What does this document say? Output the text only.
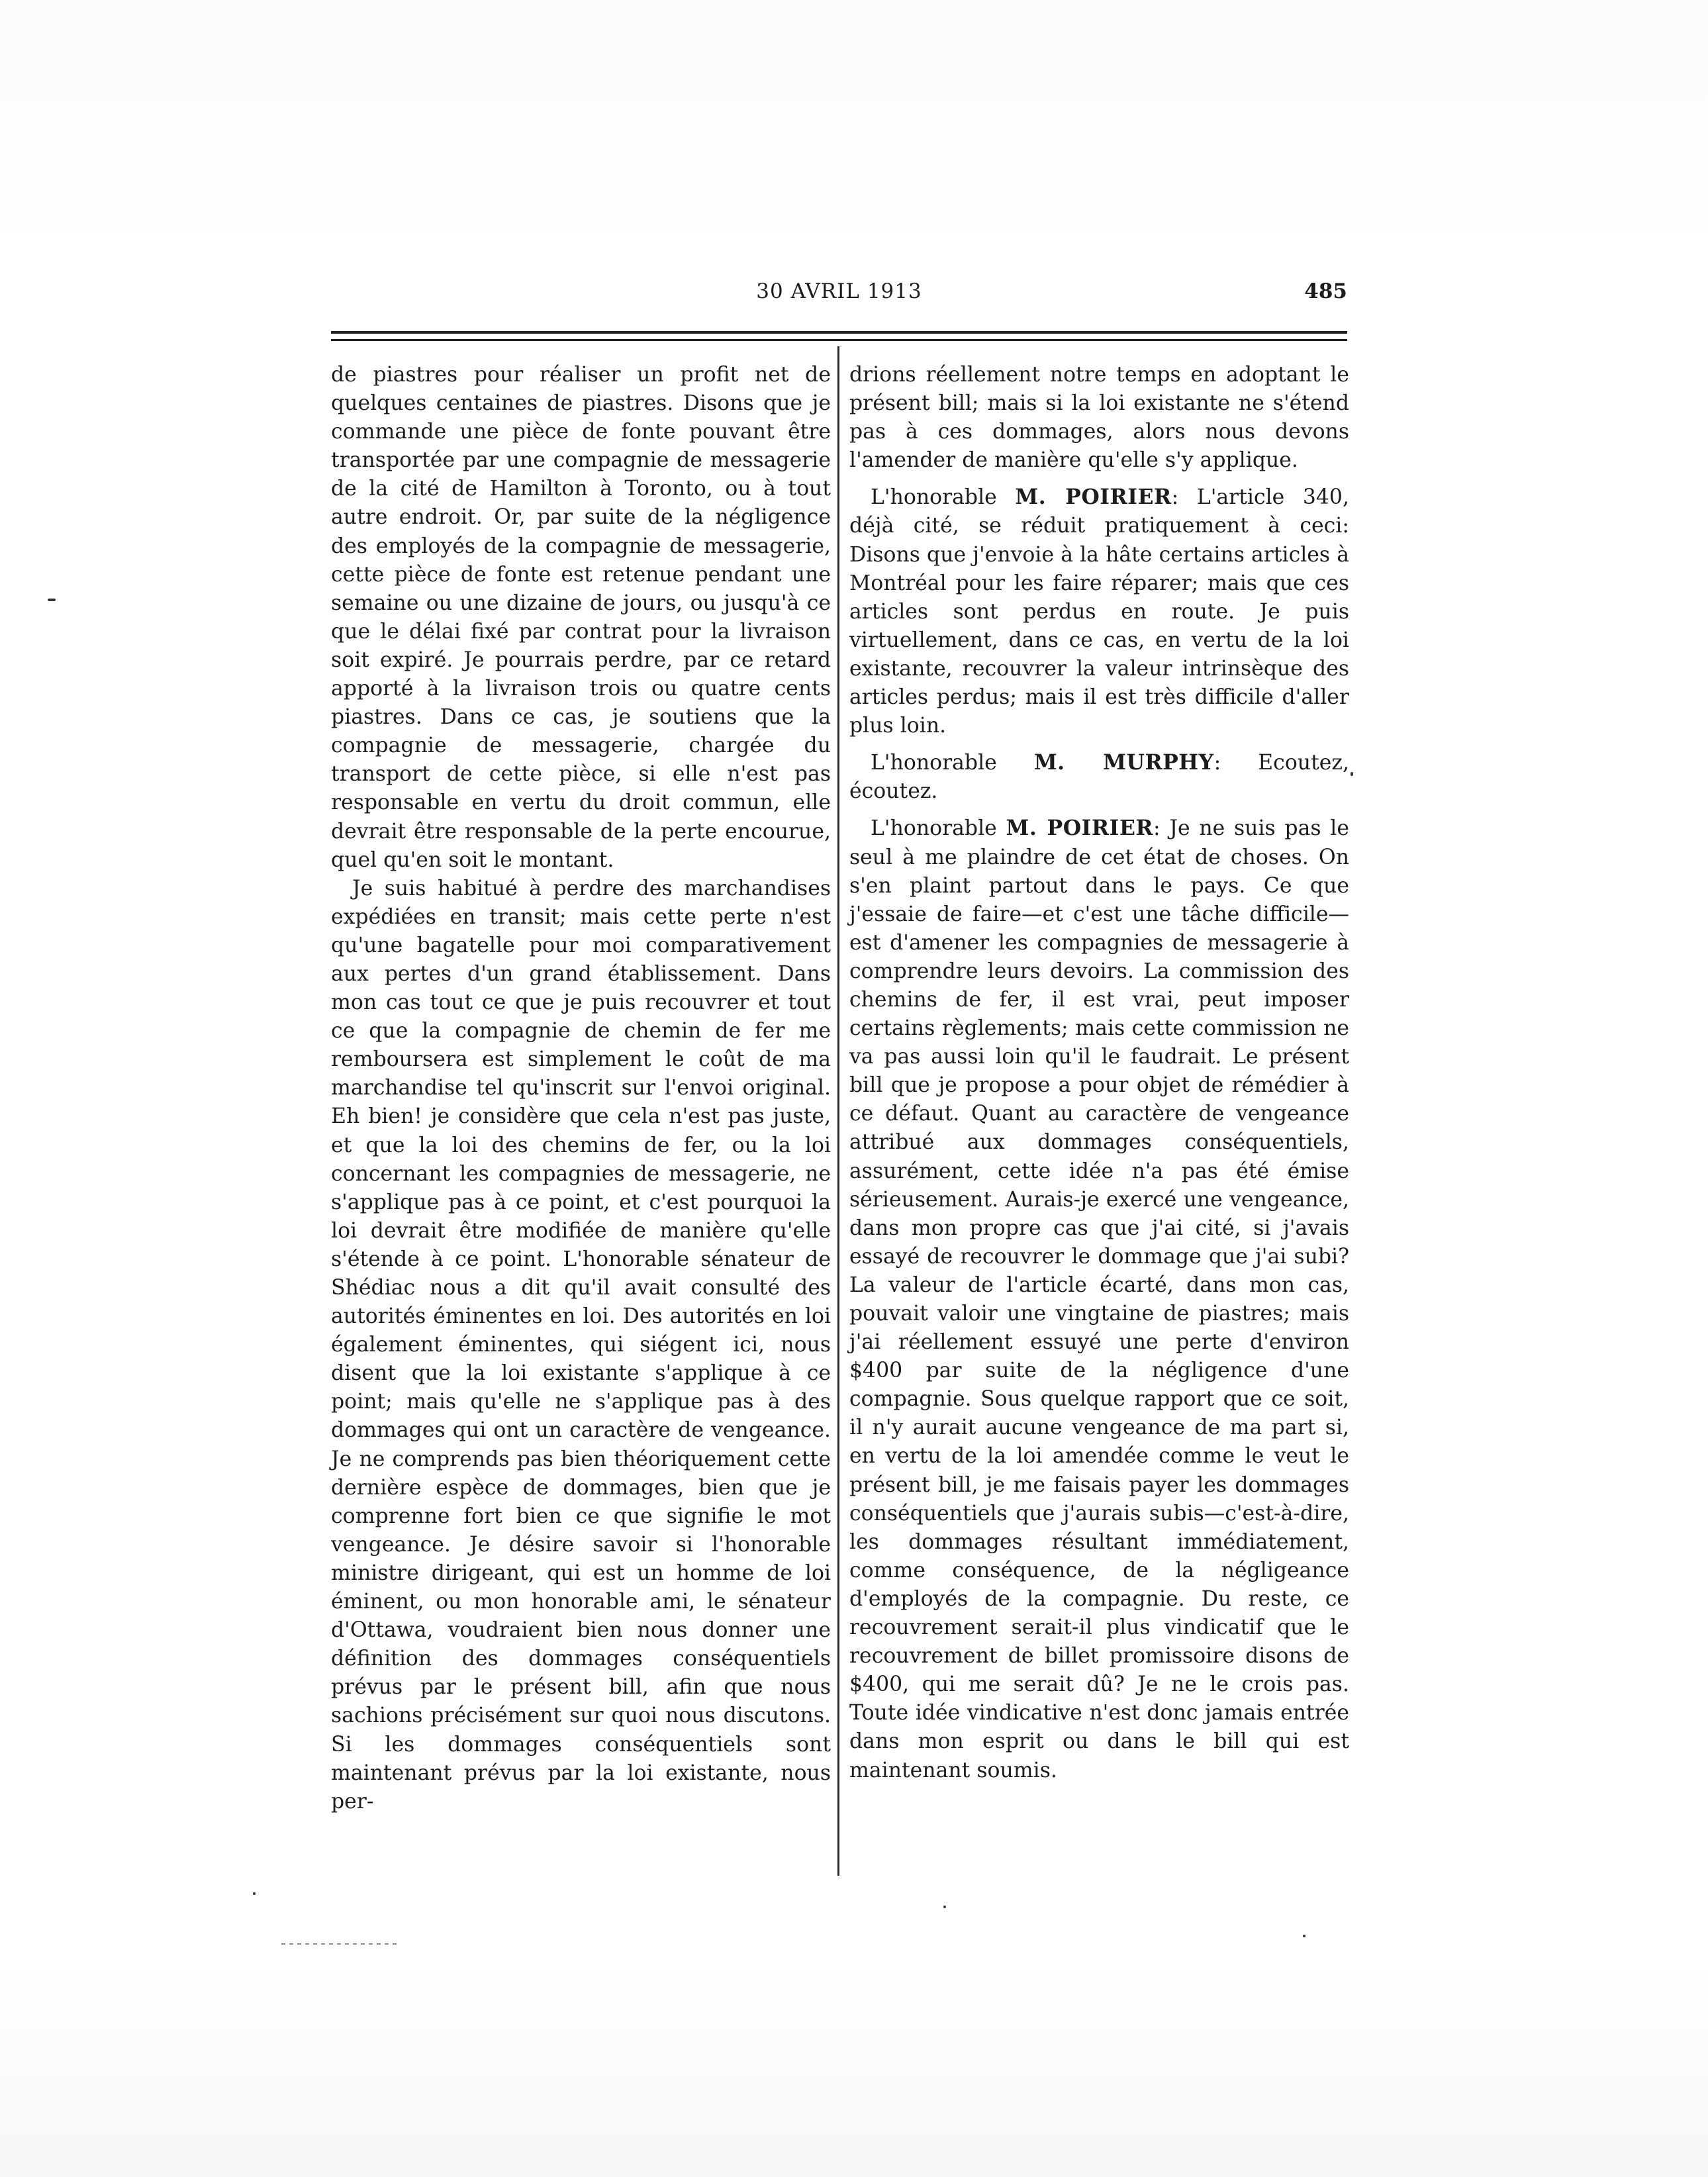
30 AVRIL 1913	485

de piastres pour réaliser un profit net de quelques centaines de piastres. Disons que je commande une pièce de fonte pouvant être transportée par une compagnie de messagerie de la cité de Hamilton à Toronto, ou à tout autre endroit. Or, par suite de la négligence des employés de la compagnie de messagerie, cette pièce de fonte est retenue pendant une semaine ou une dizaine de jours, ou jusqu'à ce que le délai fixé par contrat pour la livraison soit expiré. Je pourrais perdre, par ce retard apporté à la livraison trois ou quatre cents piastres. Dans ce cas, je soutiens que la compagnie de messagerie, chargée du transport de cette pièce, si elle n'est pas responsable en vertu du droit commun, elle devrait être responsable de la perte encourue, quel qu'en soit le montant.

Je suis habitué à perdre des marchandises expédiées en transit; mais cette perte n'est qu'une bagatelle pour moi comparativement aux pertes d'un grand établissement. Dans mon cas tout ce que je puis recouvrer et tout ce que la compagnie de chemin de fer me remboursera est simplement le coût de ma marchandise tel qu'inscrit sur l'envoi original. Eh bien! je considère que cela n'est pas juste, et que la loi des chemins de fer, ou la loi concernant les compagnies de messagerie, ne s'applique pas à ce point, et c'est pourquoi la loi devrait être modifiée de manière qu'elle s'étende à ce point. L'honorable sénateur de Shédiac nous a dit qu'il avait consulté des autorités éminentes en loi. Des autorités en loi également éminentes, qui siégent ici, nous disent que la loi existante s'applique à ce point; mais qu'elle ne s'applique pas à des dommages qui ont un caractère de vengeance. Je ne comprends pas bien théoriquement cette dernière espèce de dommages, bien que je comprenne fort bien ce que signifie le mot vengeance. Je désire savoir si l'honorable ministre dirigeant, qui est un homme de loi éminent, ou mon honorable ami, le sénateur d'Ottawa, voudraient bien nous donner une définition des dommages conséquentiels prévus par le présent bill, afin que nous sachions précisément sur quoi nous discutons. Si les dommages conséquentiels sont maintenant prévus par la loi existante, nous per-

drions réellement notre temps en adoptant le présent bill; mais si la loi existante ne s'étend pas à ces dommages, alors nous devons l'amender de manière qu'elle s'y applique.

L'honorable M. POIRIER: L'article 340, déjà cité, se réduit pratiquement à ceci: Disons que j'envoie à la hâte certains articles à Montréal pour les faire réparer; mais que ces articles sont perdus en route. Je puis virtuellement, dans ce cas, en vertu de la loi existante, recouvrer la valeur intrinsèque des articles perdus; mais il est très difficile d'aller plus loin.

L'honorable M. MURPHY: Ecoutez, écoutez.

L'honorable M. POIRIER: Je ne suis pas le seul à me plaindre de cet état de choses. On s'en plaint partout dans le pays. Ce que j'essaie de faire—et c'est une tâche difficile—est d'amener les compagnies de messagerie à comprendre leurs devoirs. La commission des chemins de fer, il est vrai, peut imposer certains règlements; mais cette commission ne va pas aussi loin qu'il le faudrait. Le présent bill que je propose a pour objet de rémédier à ce défaut. Quant au caractère de vengeance attribué aux dommages conséquentiels, assurément, cette idée n'a pas été émise sérieusement. Aurais-je exercé une vengeance, dans mon propre cas que j'ai cité, si j'avais essayé de recouvrer le dommage que j'ai subi? La valeur de l'article écarté, dans mon cas, pouvait valoir une vingtaine de piastres; mais j'ai réellement essuyé une perte d'environ $400 par suite de la négligence d'une compagnie. Sous quelque rapport que ce soit, il n'y aurait aucune vengeance de ma part si, en vertu de la loi amendée comme le veut le présent bill, je me faisais payer les dommages conséquentiels que j'aurais subis—c'est-à-dire, les dommages résultant immédiatement, comme conséquence, de la négligeance d'employés de la compagnie. Du reste, ce recouvrement serait-il plus vindicatif que le recouvrement de billet promissoire disons de $400, qui me serait dû? Je ne le crois pas. Toute idée vindicative n'est donc jamais entrée dans mon esprit ou dans le bill qui est maintenant soumis.
